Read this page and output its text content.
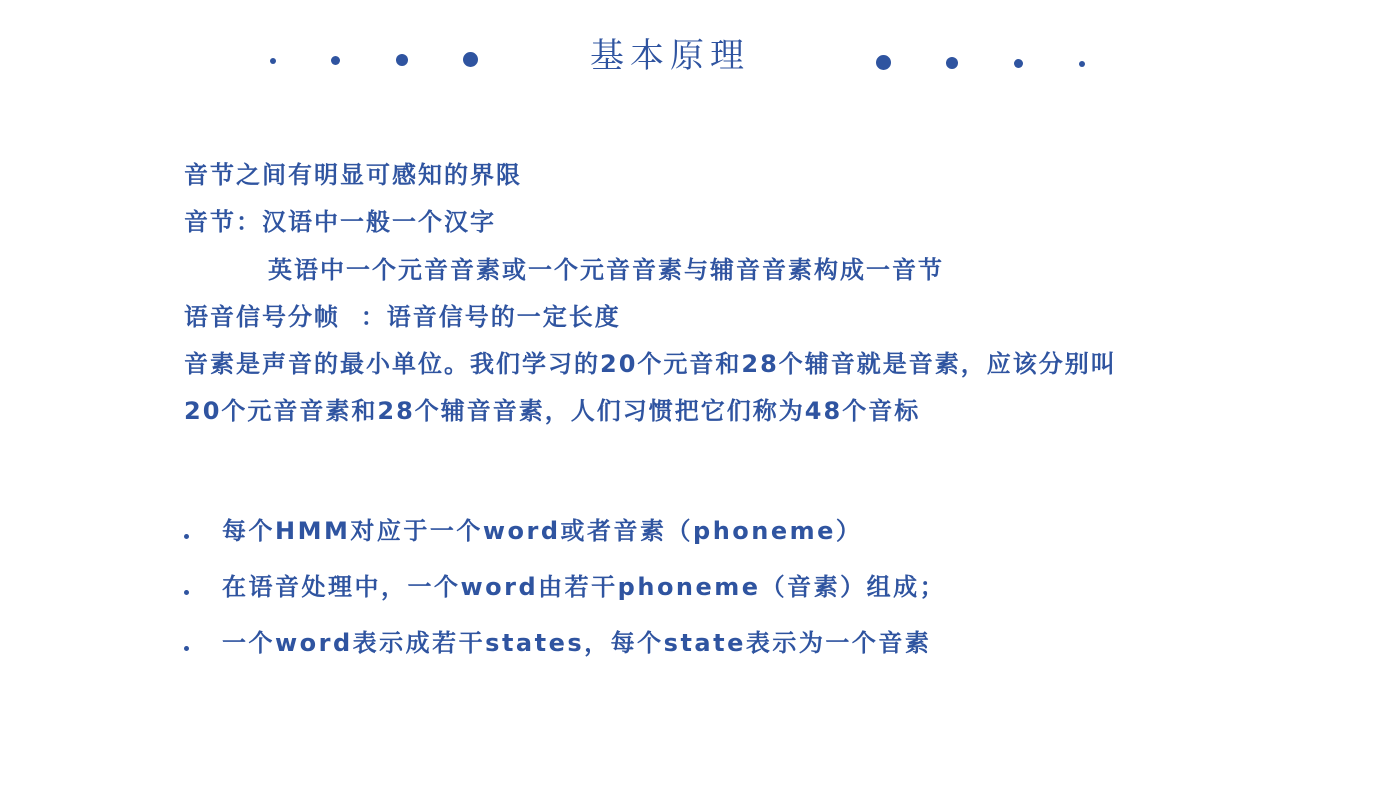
基本原理
音节之间有明显可感知的界限
音节：汉语中一般一个汉字
英语中一个元音音素或一个元音音素与辅音音素构成一音节
语音信号分帧  ：语音信号的一定长度
音素是声音的最小单位。我们学习的20个元音和28个辅音就是音素，应该分别叫
20个元音音素和28个辅音音素，人们习惯把它们称为48个音标
每个HMM对应于一个word或者音素（phoneme）
在语音处理中，一个word由若干phoneme（音素）组成；
一个word表示成若干states，每个state表示为一个音素
